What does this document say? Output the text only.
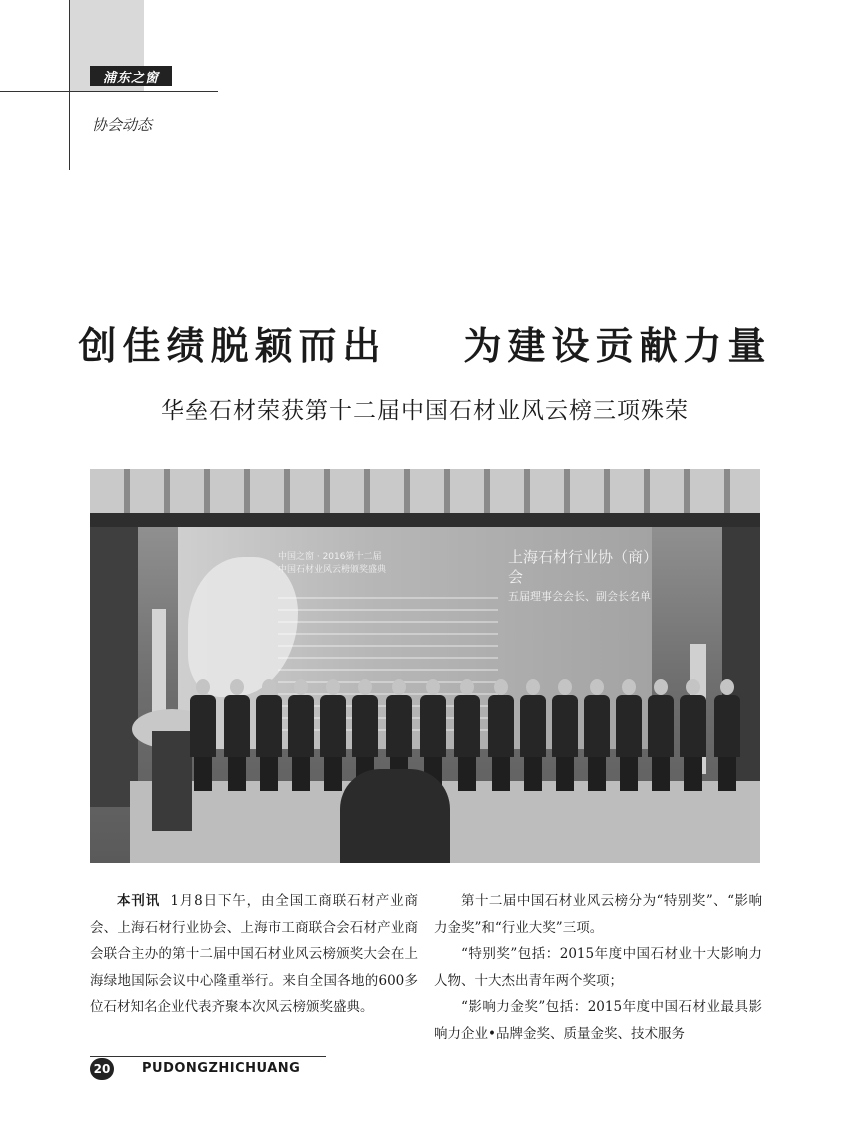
浦东之窗
协会动态
创佳绩脱颖而出    为建设贡献力量
华垒石材荣获第十二届中国石材业风云榜三项殊荣
中国之窗 · 2016第十二届
中国石材业风云榜颁奖盛典
上海石材行业协（商）会
五届理事会会长、副会长名单

本刊讯 1月8日下午，由全国工商联石材产业商会、上海石材行业协会、上海市工商联合会石材产业商会联合主办的第十二届中国石材业风云榜颁奖大会在上海绿地国际会议中心隆重举行。来自全国各地的600多位石材知名企业代表齐聚本次风云榜颁奖盛典。

第十二届中国石材业风云榜分为“特别奖”、“影响力金奖”和“行业大奖”三项。

“特别奖”包括：2015年度中国石材业十大影响力人物、十大杰出青年两个奖项；

“影响力金奖”包括：2015年度中国石材业最具影响力企业•品牌金奖、质量金奖、技术服务

20 PUDONGZHICHUANG
